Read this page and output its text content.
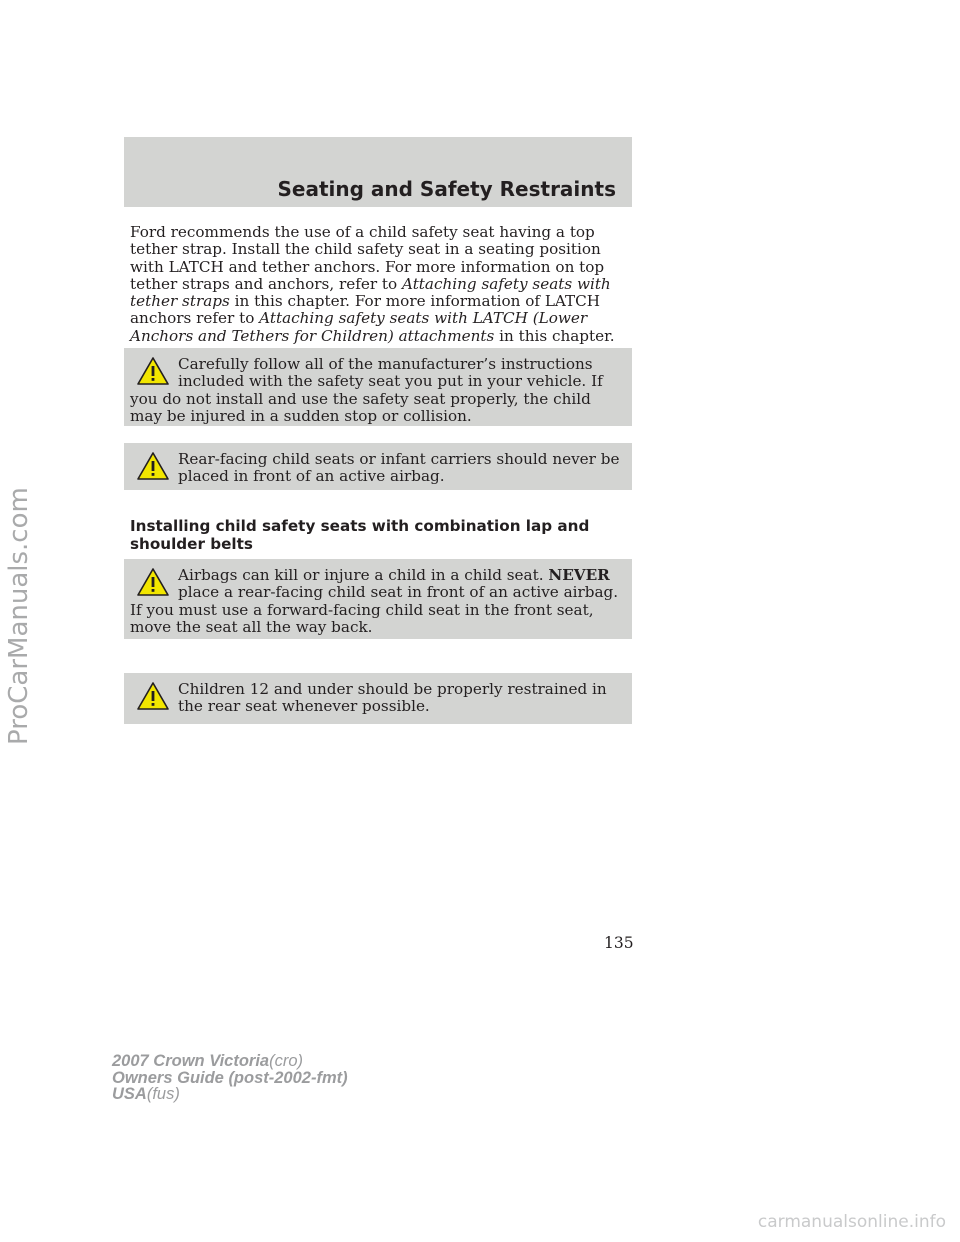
Seating and Safety Restraints

Ford recommends the use of a child safety seat having a top tether strap. Install the child safety seat in a seating position with LATCH and tether anchors. For more information on top tether straps and anchors, refer to Attaching safety seats with tether straps in this chapter. For more information of LATCH anchors refer to Attaching safety seats with LATCH (Lower Anchors and Tethers for Children) attachments in this chapter.

Carefully follow all of the manufacturer’s instructions included with the safety seat you put in your vehicle. If you do not install and use the safety seat properly, the child may be injured in a sudden stop or collision.

Rear-facing child seats or infant carriers should never be placed in front of an active airbag.

Installing child safety seats with combination lap and shoulder belts

Airbags can kill or injure a child in a child seat. NEVER place a rear-facing child seat in front of an active airbag. If you must use a forward-facing child seat in the front seat, move the seat all the way back.

Children 12 and under should be properly restrained in the rear seat whenever possible.

135
2007 Crown Victoria(cro)
Owners Guide (post-2002-fmt)
USA(fus)
ProCarManuals.com
carmanualsonline.info
